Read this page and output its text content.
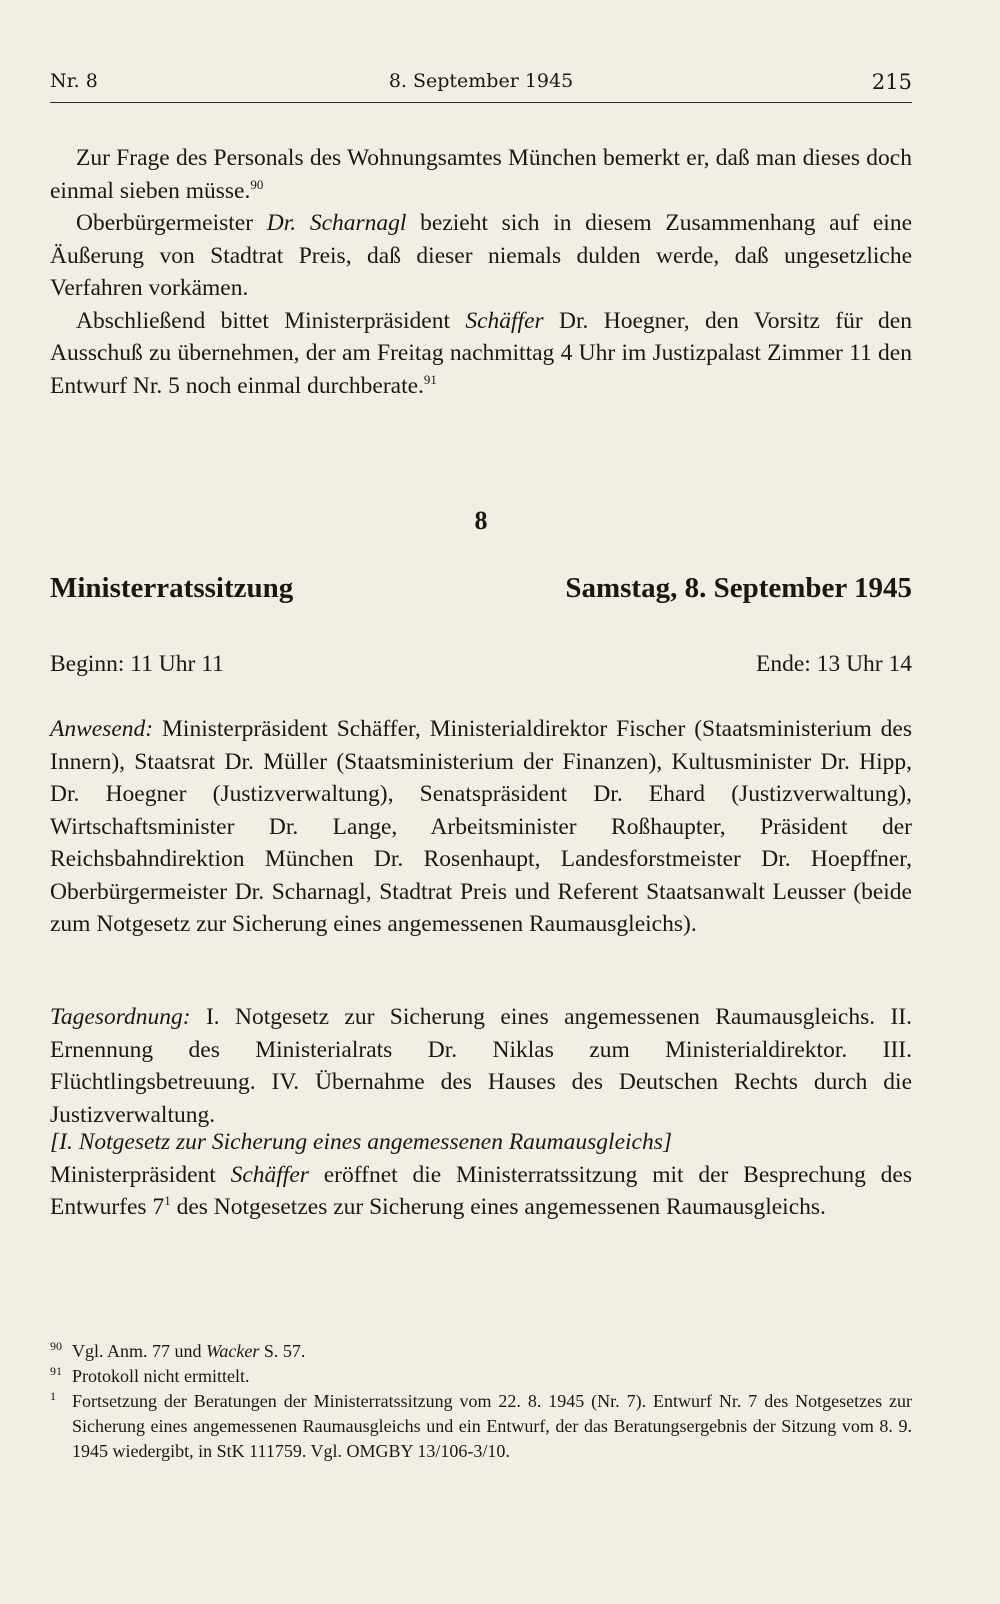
Nr. 8	8. September 1945	215

Zur Frage des Personals des Wohnungsamtes München bemerkt er, daß man dieses doch einmal sieben müsse.$^{90}$

Oberbürgermeister Dr. Scharnagl bezieht sich in diesem Zusammenhang auf eine Äußerung von Stadtrat Preis, daß dieser niemals dulden werde, daß ungesetzliche Verfahren vorkämen.

Abschließend bittet Ministerpräsident Schäffer Dr. Hoegner, den Vorsitz für den Ausschuß zu übernehmen, der am Freitag nachmittag 4 Uhr im Justizpalast Zimmer 11 den Entwurf Nr. 5 noch einmal durchberate.$^{91}$

8
Ministerratssitzung	Samstag, 8. September 1945
Beginn: 11 Uhr 11	Ende: 13 Uhr 14

Anwesend: Ministerpräsident Schäffer, Ministerialdirektor Fischer (Staatsministerium des Innern), Staatsrat Dr. Müller (Staatsministerium der Finanzen), Kultusminister Dr. Hipp, Dr. Hoegner (Justizverwaltung), Senatspräsident Dr. Ehard (Justizverwaltung), Wirtschaftsminister Dr. Lange, Arbeitsminister Roßhaupter, Präsident der Reichsbahndirektion München Dr. Rosenhaupt, Landesforstmeister Dr. Hoepffner, Oberbürgermeister Dr. Scharnagl, Stadtrat Preis und Referent Staatsanwalt Leusser (beide zum Notgesetz zur Sicherung eines angemessenen Raumausgleichs).

Tagesordnung: I. Notgesetz zur Sicherung eines angemessenen Raumausgleichs. II. Ernennung des Ministerialrats Dr. Niklas zum Ministerialdirektor. III. Flüchtlingsbetreuung. IV. Übernahme des Hauses des Deutschen Rechts durch die Justizverwaltung.

[I. Notgesetz zur Sicherung eines angemessenen Raumausgleichs]

Ministerpräsident Schäffer eröffnet die Ministerratssitzung mit der Besprechung des Entwurfes $7^1$ des Notgesetzes zur Sicherung eines angemessenen Raumausgleichs.

90 Vgl. Anm. 77 und Wacker S. 57.

91 Protokoll nicht ermittelt.

1 Fortsetzung der Beratungen der Ministerratssitzung vom 22. 8. 1945 (Nr. 7). Entwurf Nr. 7 des Notgesetzes zur Sicherung eines angemessenen Raumausgleichs und ein Entwurf, der das Beratungsergebnis der Sitzung vom 8. 9. 1945 wiedergibt, in StK 111759. Vgl. OMGBY 13/106-3/10.
